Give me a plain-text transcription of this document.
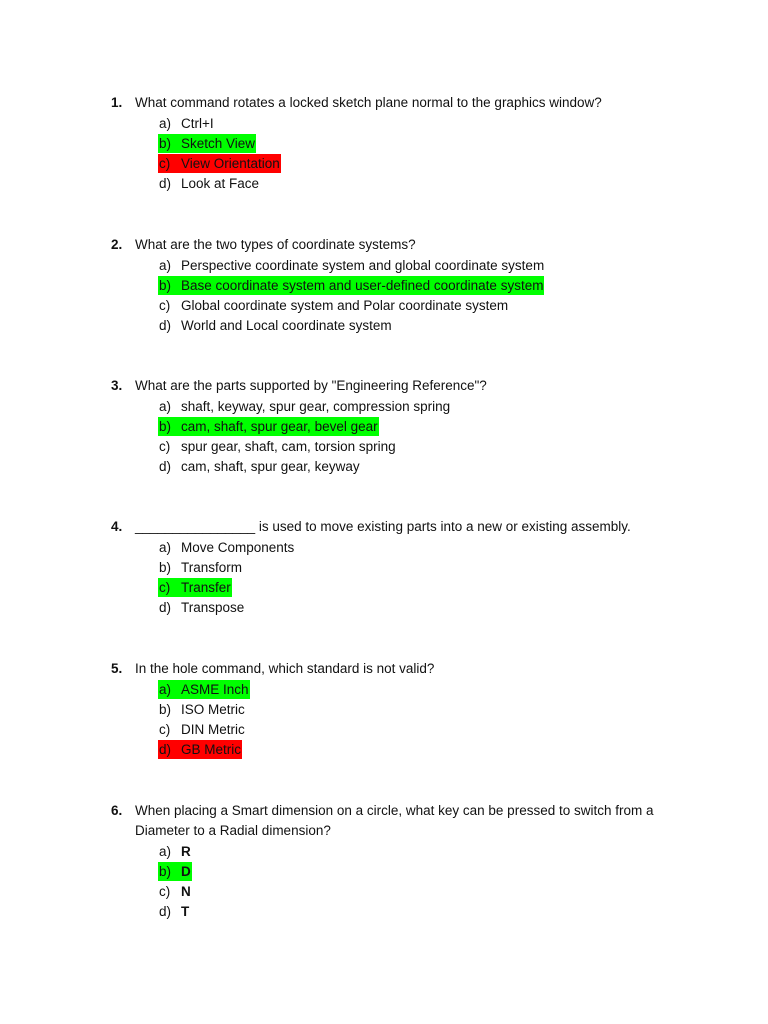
1. What command rotates a locked sketch plane normal to the graphics window?
a) Ctrl+I
b) Sketch View
c) View Orientation
d) Look at Face
2. What are the two types of coordinate systems?
a) Perspective coordinate system and global coordinate system
b) Base coordinate system and user-defined coordinate system
c) Global coordinate system and Polar coordinate system
d) World and Local coordinate system
3. What are the parts supported by "Engineering Reference"?
a) shaft, keyway, spur gear, compression spring
b) cam, shaft, spur gear, bevel gear
c) spur gear, shaft, cam, torsion spring
d) cam, shaft, spur gear, keyway
4. ________________ is used to move existing parts into a new or existing assembly.
a) Move Components
b) Transform
c) Transfer
d) Transpose
5. In the hole command, which standard is not valid?
a) ASME Inch
b) ISO Metric
c) DIN Metric
d) GB Metric
6. When placing a Smart dimension on a circle, what key can be pressed to switch from a Diameter to a Radial dimension?
a) R
b) D
c) N
d) T
